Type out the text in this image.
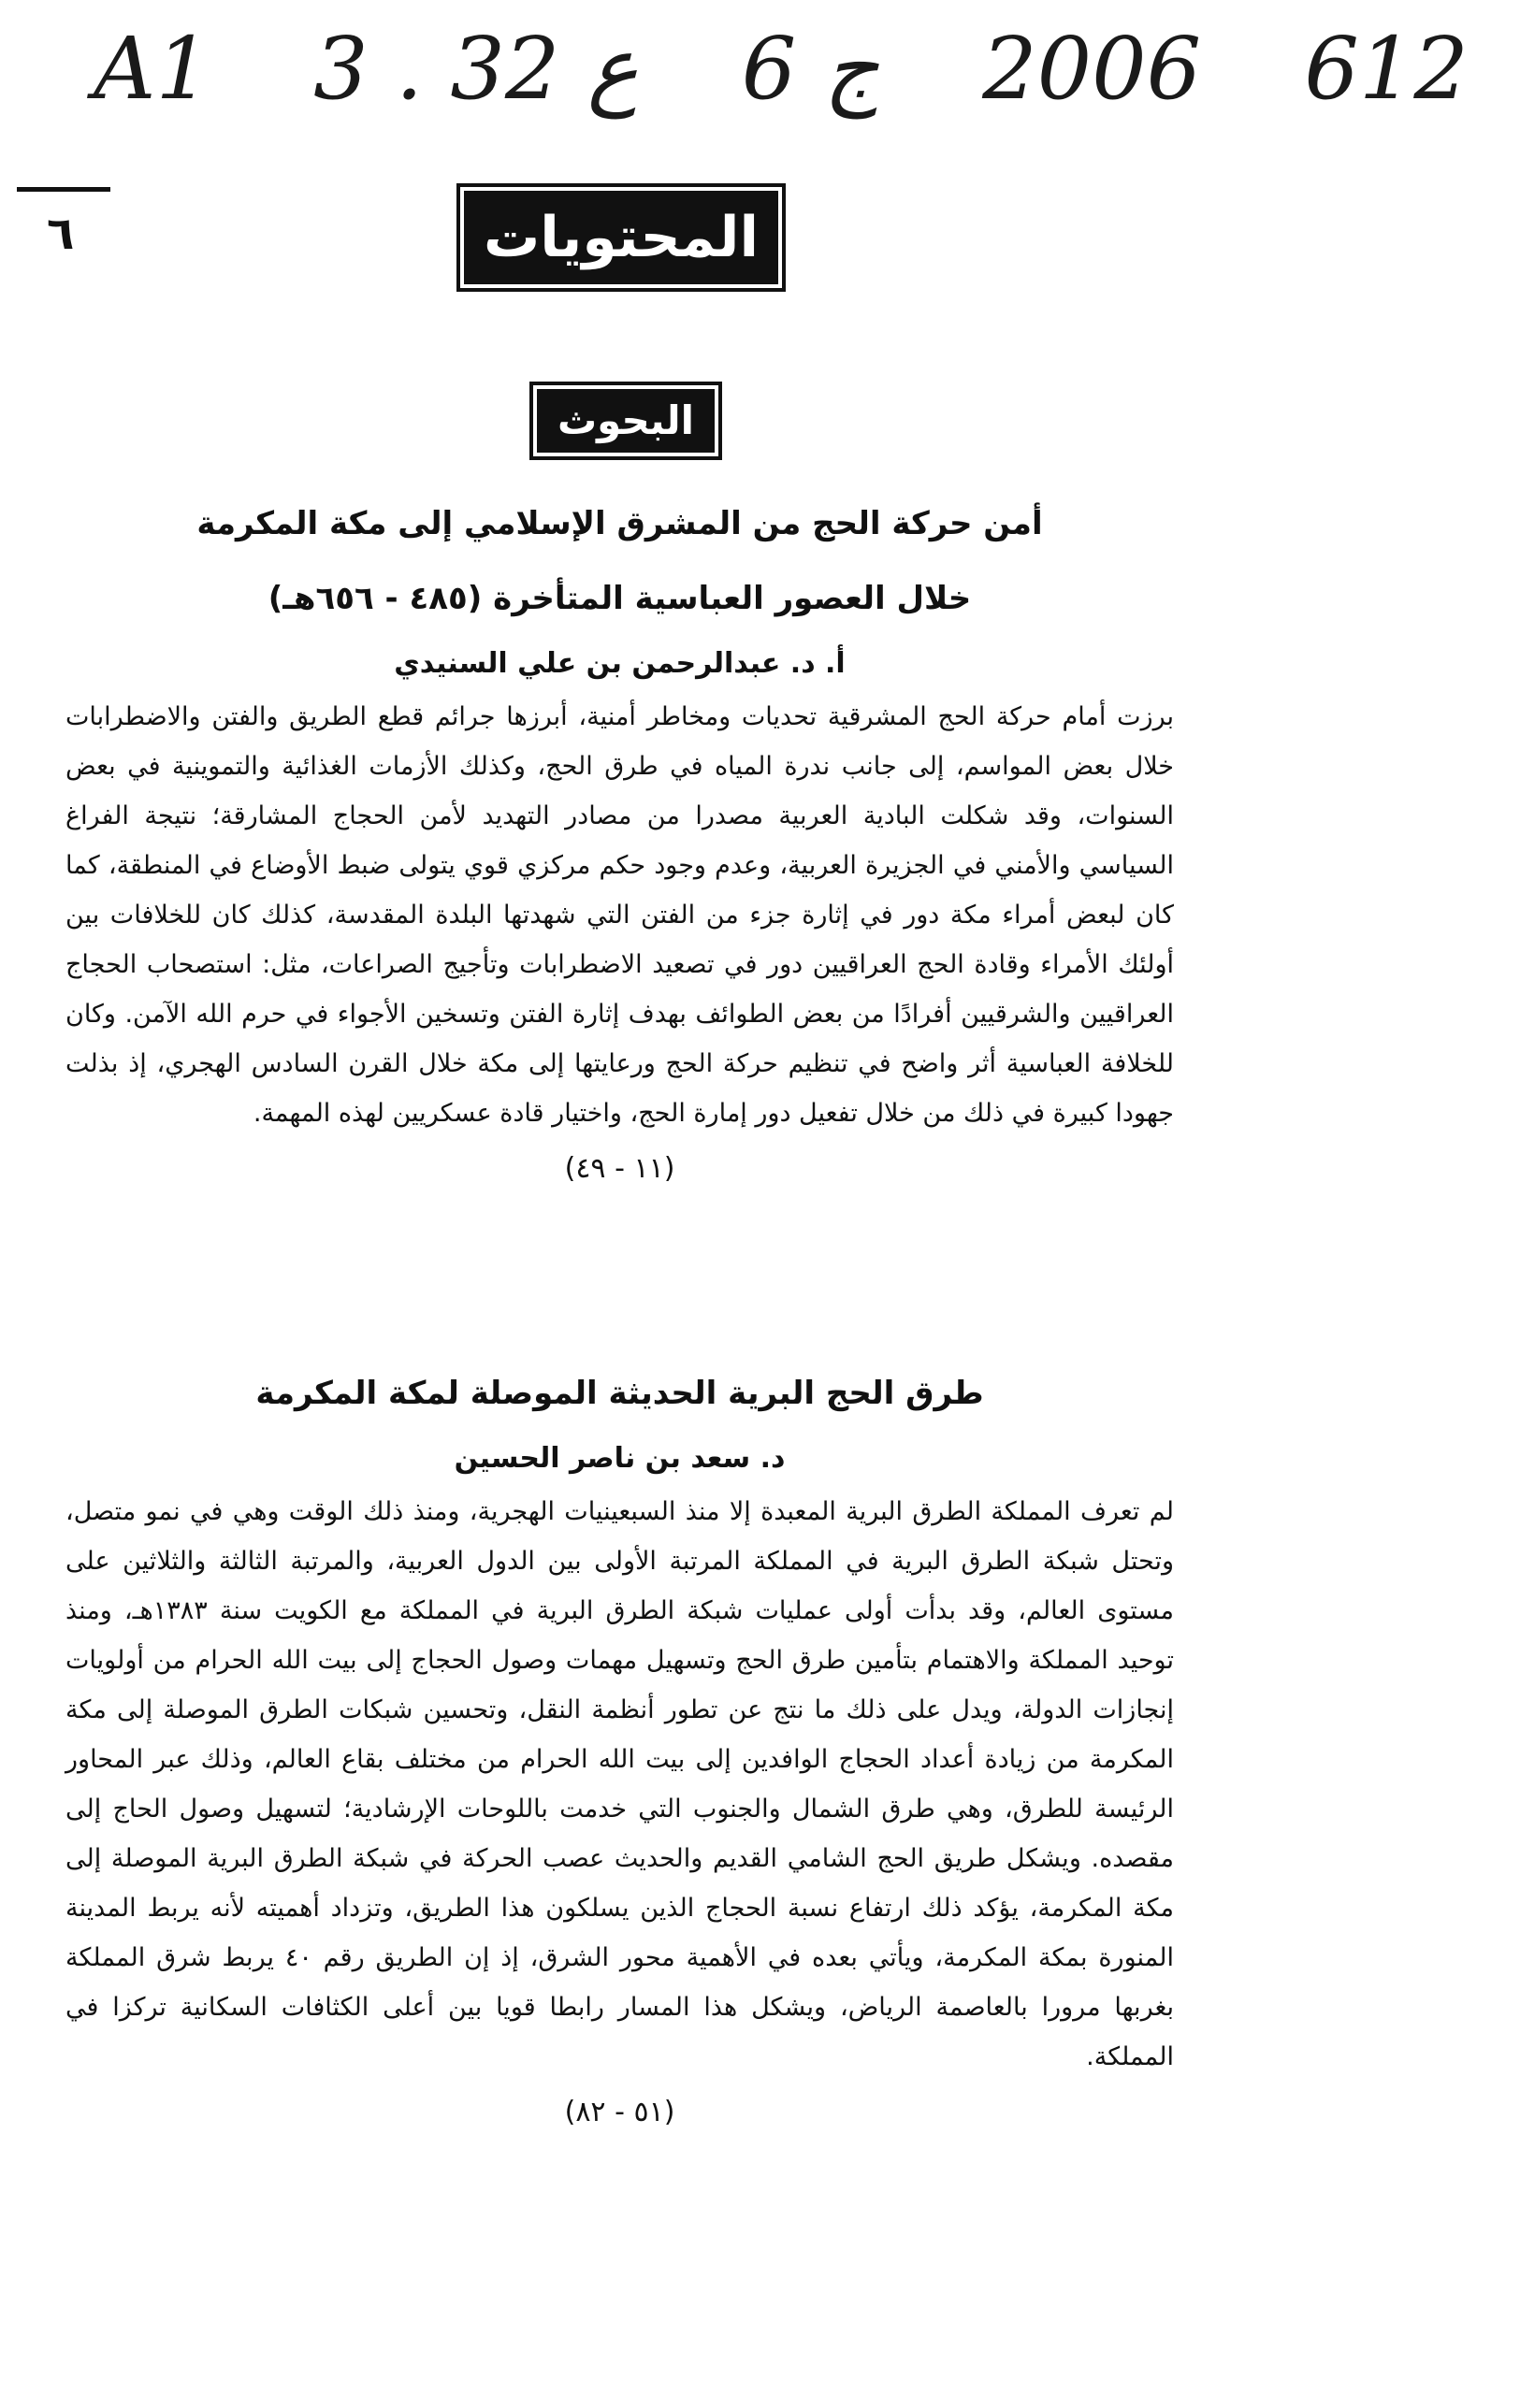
A1 3 . ع 32 ج 6 2006 612
٦	المحتويات
البحوث
أمن حركة الحج من المشرق الإسلامي إلى مكة المكرمة
خلال العصور العباسية المتأخرة (٤٨٥ - ٦٥٦هـ)
أ. د. عبدالرحمن بن علي السنيدي
برزت أمام حركة الحج المشرقية تحديات ومخاطر أمنية، أبرزها جرائم قطع الطريق والفتن والاضطرابات خلال بعض المواسم، إلى جانب ندرة المياه في طرق الحج، وكذلك الأزمات الغذائية والتموينية في بعض السنوات، وقد شكلت البادية العربية مصدرا من مصادر التهديد لأمن الحجاج المشارقة؛ نتيجة الفراغ السياسي والأمني في الجزيرة العربية، وعدم وجود حكم مركزي قوي يتولى ضبط الأوضاع في المنطقة، كما كان لبعض أمراء مكة دور في إثارة جزء من الفتن التي شهدتها البلدة المقدسة، كذلك كان للخلافات بين أولئك الأمراء وقادة الحج العراقيين دور في تصعيد الاضطرابات وتأجيج الصراعات، مثل: استصحاب الحجاج العراقيين والشرقيين أفرادًا من بعض الطوائف بهدف إثارة الفتن وتسخين الأجواء في حرم الله الآمن. وكان للخلافة العباسية أثر واضح في تنظيم حركة الحج ورعايتها إلى مكة خلال القرن السادس الهجري، إذ بذلت جهودا كبيرة في ذلك من خلال تفعيل دور إمارة الحج، واختيار قادة عسكريين لهذه المهمة.
(١١ - ٤٩)
طرق الحج البرية الحديثة الموصلة لمكة المكرمة
د. سعد بن ناصر الحسين
لم تعرف المملكة الطرق البرية المعبدة إلا منذ السبعينيات الهجرية، ومنذ ذلك الوقت وهي في نمو متصل، وتحتل شبكة الطرق البرية في المملكة المرتبة الأولى بين الدول العربية، والمرتبة الثالثة والثلاثين على مستوى العالم، وقد بدأت أولى عمليات شبكة الطرق البرية في المملكة مع الكويت سنة ١٣٨٣هـ، ومنذ توحيد المملكة والاهتمام بتأمين طرق الحج وتسهيل مهمات وصول الحجاج إلى بيت الله الحرام من أولويات إنجازات الدولة، ويدل على ذلك ما نتج عن تطور أنظمة النقل، وتحسين شبكات الطرق الموصلة إلى مكة المكرمة من زيادة أعداد الحجاج الوافدين إلى بيت الله الحرام من مختلف بقاع العالم، وذلك عبر المحاور الرئيسة للطرق، وهي طرق الشمال والجنوب التي خدمت باللوحات الإرشادية؛ لتسهيل وصول الحاج إلى مقصده. ويشكل طريق الحج الشامي القديم والحديث عصب الحركة في شبكة الطرق البرية الموصلة إلى مكة المكرمة، يؤكد ذلك ارتفاع نسبة الحجاج الذين يسلكون هذا الطريق، وتزداد أهميته لأنه يربط المدينة المنورة بمكة المكرمة، ويأتي بعده في الأهمية محور الشرق، إذ إن الطريق رقم ٤٠ يربط شرق المملكة بغربها مرورا بالعاصمة الرياض، ويشكل هذا المسار رابطا قويا بين أعلى الكثافات السكانية تركزا في المملكة.
(٥١ - ٨٢)
